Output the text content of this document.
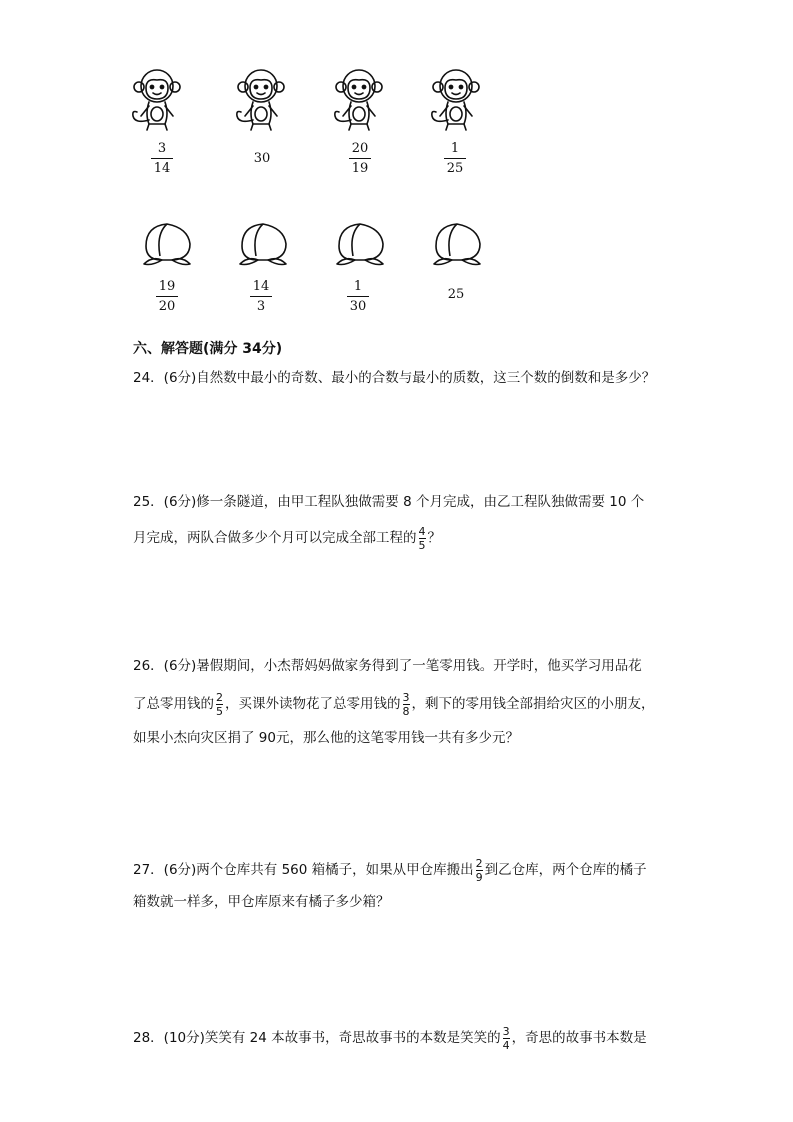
$\frac{3}{14}$	30	$\frac{20}{19}$	$\frac{1}{25}$
$\frac{19}{20}$	$\frac{14}{3}$	$\frac{1}{30}$	25
六、解答题(满分 34分)
24．(6分)自然数中最小的奇数、最小的合数与最小的质数，这三个数的倒数和是多少？
25．(6分)修一条隧道，由甲工程队独做需要 8 个月完成，由乙工程队独做需要 10 个
月完成，两队合做多少个月可以完成全部工程的 $\frac{4}{5}$ ？
26．(6分)暑假期间，小杰帮妈妈做家务得到了一笔零用钱。开学时，他买学习用品花
了总零用钱的 $\frac{2}{5}$ ，买课外读物花了总零用钱的 $\frac{3}{8}$ ，剩下的零用钱全部捐给灾区的小朋友，
如果小杰向灾区捐了 90元，那么他的这笔零用钱一共有多少元？
27．(6分)两个仓库共有 560 箱橘子，如果从甲仓库搬出 $\frac{2}{9}$ 到乙仓库，两个仓库的橘子
箱数就一样多，甲仓库原来有橘子多少箱？
28．(10分)笑笑有 24 本故事书，奇思故事书的本数是笑笑的 $\frac{3}{4}$ ，奇思的故事书本数是
